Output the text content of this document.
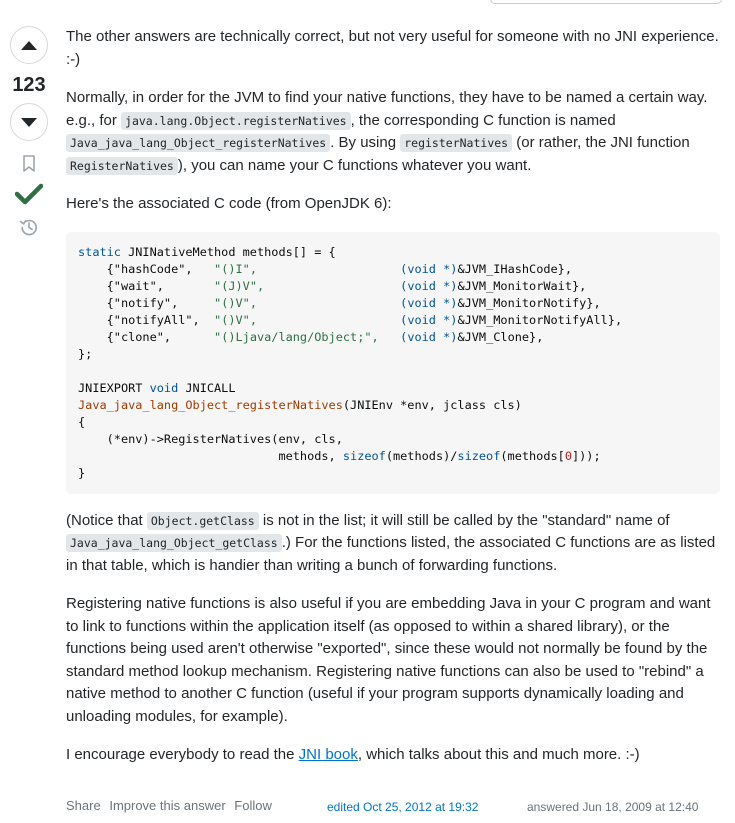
123

The other answers are technically correct, but not very useful for someone with no JNI experience. :-)

Normally, in order for the JVM to find your native functions, they have to be named a certain way. e.g., for java.lang.Object.registerNatives , the corresponding C function is named Java_java_lang_Object_registerNatives . By using registerNatives (or rather, the JNI function RegisterNatives ), you can name your C functions whatever you want.

Here's the associated C code (from OpenJDK 6):

static JNINativeMethod methods[] = {
{"hashCode",   "()I",                    (void *)&JVM_IHashCode},
{"wait",       "(J)V",                   (void *)&JVM_MonitorWait},
{"notify",     "()V",                    (void *)&JVM_MonitorNotify},
{"notifyAll",  "()V",                    (void *)&JVM_MonitorNotifyAll},
{"clone",      "()Ljava/lang/Object;",   (void *)&JVM_Clone},
};

JNIEXPORT void JNICALL
Java_java_lang_Object_registerNatives(JNIEnv *env, jclass cls)
{
(*env)->RegisterNatives(env, cls,
methods, sizeof(methods)/sizeof(methods[0]));
}

(Notice that Object.getClass is not in the list; it will still be called by the "standard" name of Java_java_lang_Object_getClass .) For the functions listed, the associated C functions are as listed in that table, which is handier than writing a bunch of forwarding functions.

Registering native functions is also useful if you are embedding Java in your C program and want to link to functions within the application itself (as opposed to within a shared library), or the functions being used aren't otherwise "exported", since these would not normally be found by the standard method lookup mechanism. Registering native functions can also be used to "rebind" a native method to another C function (useful if your program supports dynamically loading and unloading modules, for example).

I encourage everybody to read the JNI book, which talks about this and much more. :-)

Share Improve this answer Follow	edited Oct 25, 2012 at 19:32	answered Jun 18, 2009 at 12:40
